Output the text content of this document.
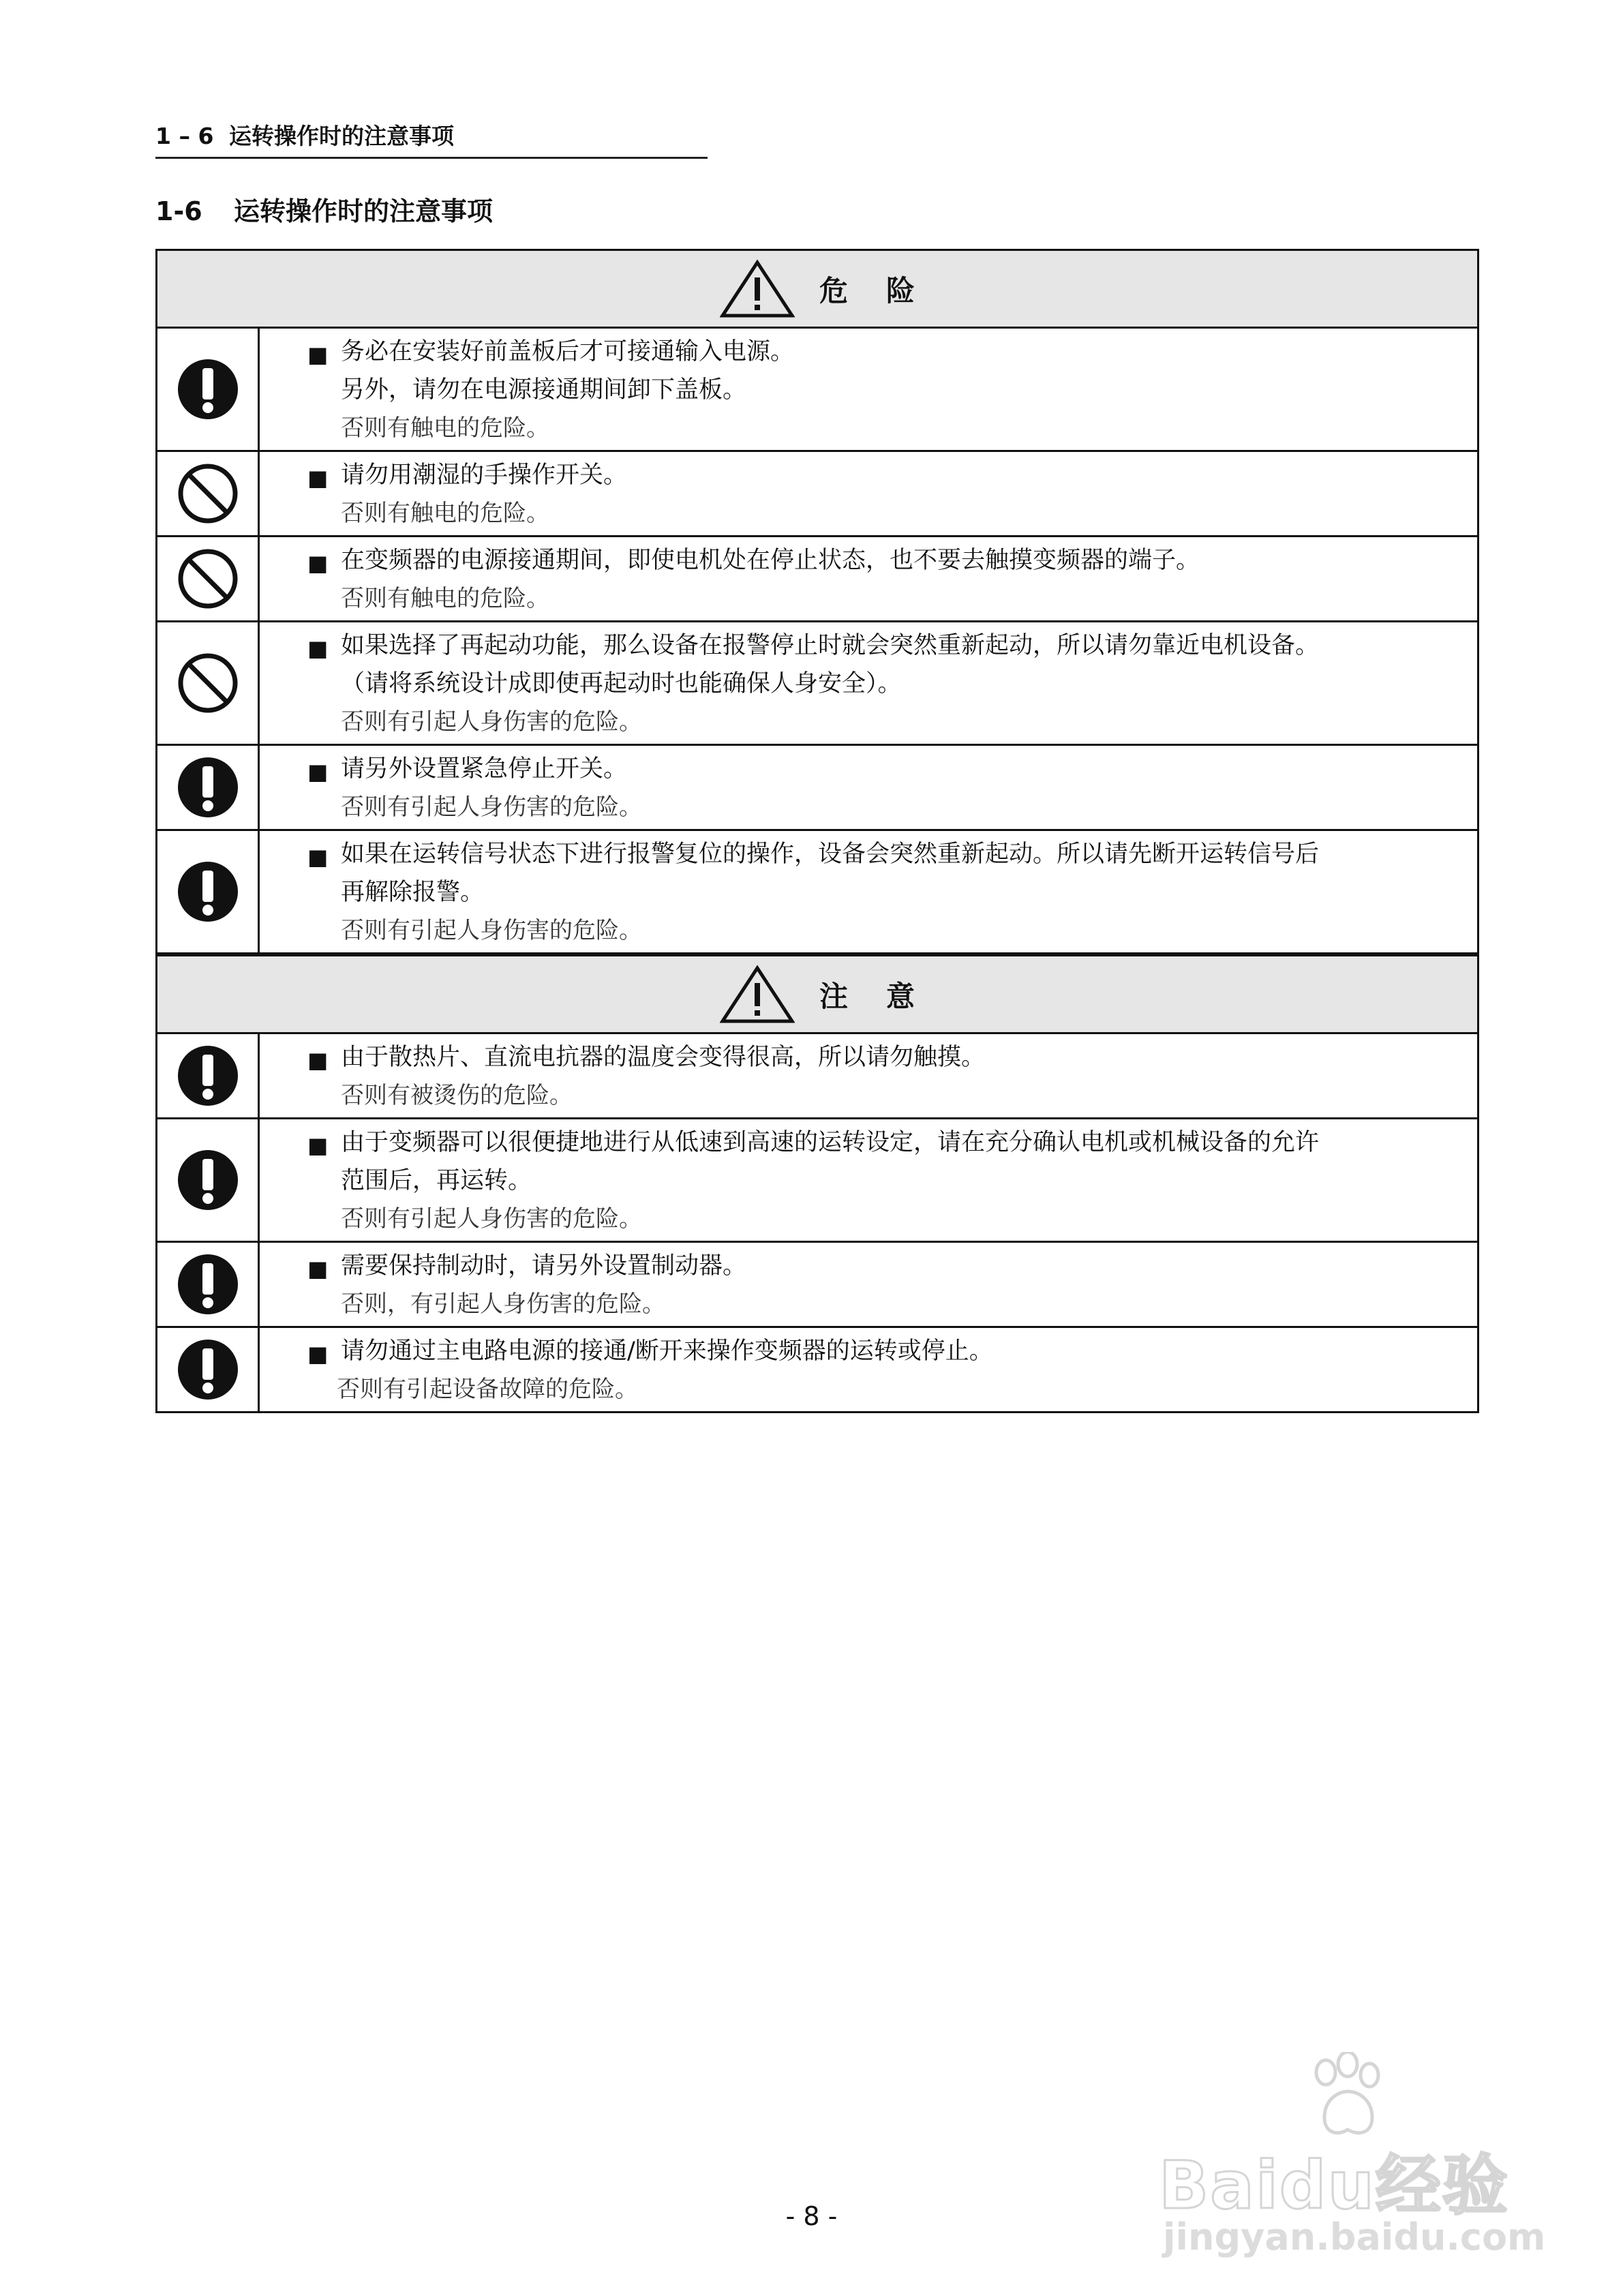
1 – 6 运转操作时的注意事项
1-6 运转操作时的注意事项
危险
■ 务必在安装好前盖板后才可接通输入电源。
另外，请勿在电源接通期间卸下盖板。
否则有触电的危险。
■ 请勿用潮湿的手操作开关。
否则有触电的危险。
■ 在变频器的电源接通期间，即使电机处在停止状态，也不要去触摸变频器的端子。
否则有触电的危险。
■ 如果选择了再起动功能，那么设备在报警停止时就会突然重新起动，所以请勿靠近电机设备。
（请将系统设计成即使再起动时也能确保人身安全）。
否则有引起人身伤害的危险。
■ 请另外设置紧急停止开关。
否则有引起人身伤害的危险。
■ 如果在运转信号状态下进行报警复位的操作，设备会突然重新起动。所以请先断开运转信号后
再解除报警。
否则有引起人身伤害的危险。
注意
■ 由于散热片、直流电抗器的温度会变得很高，所以请勿触摸。
否则有被烫伤的危险。
■ 由于变频器可以很便捷地进行从低速到高速的运转设定，请在充分确认电机或机械设备的允许
范围后，再运转。
否则有引起人身伤害的危险。
■ 需要保持制动时，请另外设置制动器。
否则，有引起人身伤害的危险。
■ 请勿通过主电路电源的接通/断开来操作变频器的运转或停止。
否则有引起设备故障的危险。
- 8 -	Baidu经验
jingyan.baidu.com
